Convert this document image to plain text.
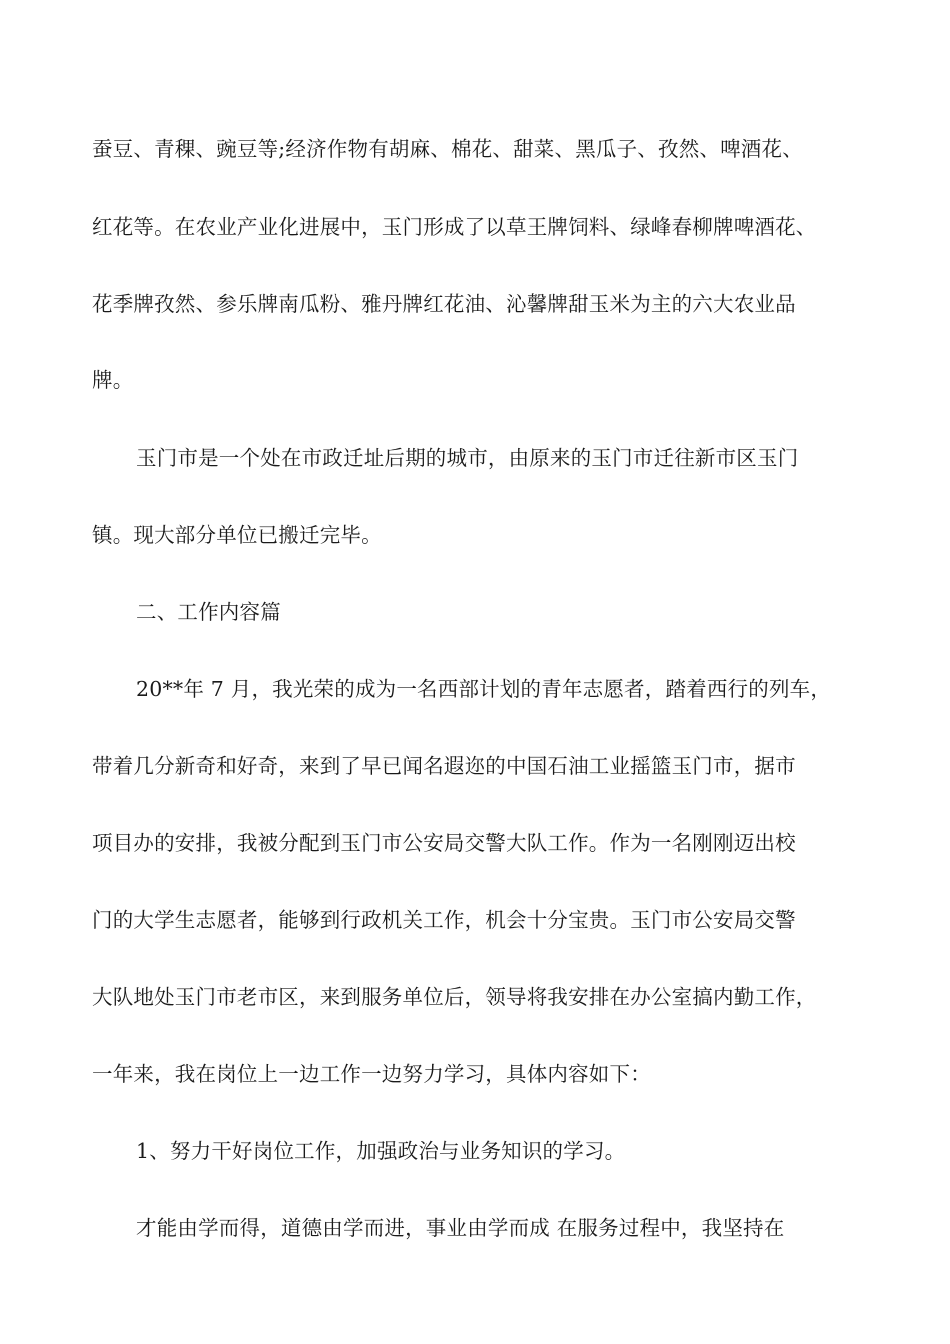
蚕豆、青稞、豌豆等;经济作物有胡麻、棉花、甜菜、黑瓜子、孜然、啤酒花、
红花等。在农业产业化进展中，玉门形成了以草王牌饲料、绿峰春柳牌啤酒花、
花季牌孜然、参乐牌南瓜粉、雅丹牌红花油、沁馨牌甜玉米为主的六大农业品
牌。
玉门市是一个处在市政迁址后期的城市，由原来的玉门市迁往新市区玉门
镇。现大部分单位已搬迁完毕。
二、工作内容篇
20**年 7 月，我光荣的成为一名西部计划的青年志愿者，踏着西行的列车，
带着几分新奇和好奇，来到了早已闻名遐迩的中国石油工业摇篮玉门市，据市
项目办的安排，我被分配到玉门市公安局交警大队工作。作为一名刚刚迈出校
门的大学生志愿者，能够到行政机关工作，机会十分宝贵。玉门市公安局交警
大队地处玉门市老市区，来到服务单位后，领导将我安排在办公室搞内勤工作，
一年来，我在岗位上一边工作一边努力学习，具体内容如下：
1、努力干好岗位工作，加强政治与业务知识的学习。
才能由学而得，道德由学而进，事业由学而成 在服务过程中，我坚持在
